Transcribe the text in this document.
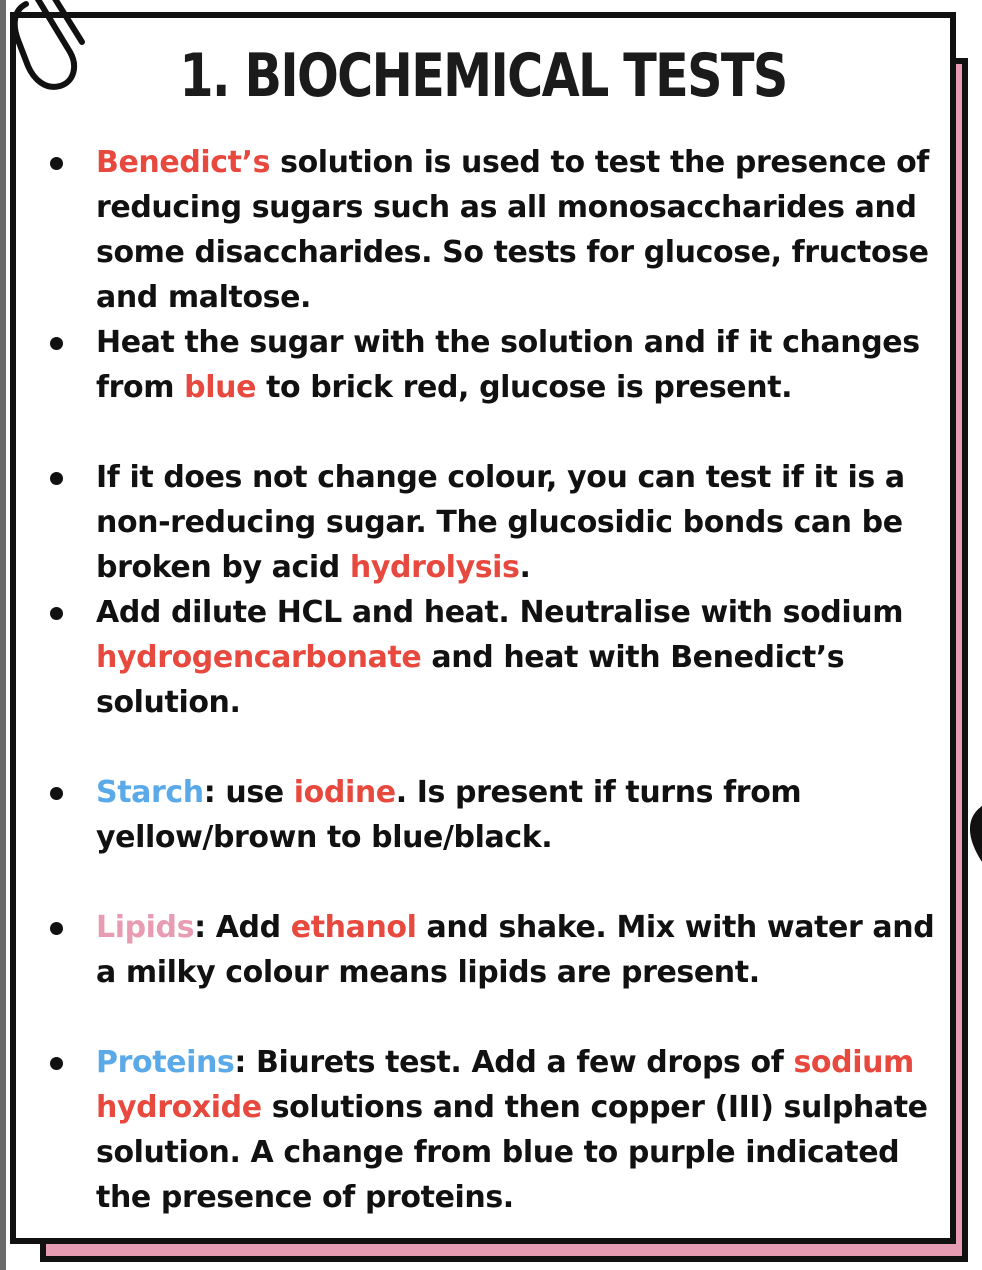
1. BIOCHEMICAL TESTS
Benedict’s solution is used to test the presence of reducing sugars such as all monosaccharides and some disaccharides. So tests for glucose, fructose and maltose.
Heat the sugar with the solution and if it changes from blue to brick red, glucose is present.
If it does not change colour, you can test if it is a non-reducing sugar. The glucosidic bonds can be broken by acid hydrolysis.
Add dilute HCL and heat. Neutralise with sodium hydrogencarbonate and heat with Benedict’s solution.
Starch: use iodine. Is present if turns from yellow/brown to blue/black.
Lipids: Add ethanol and shake. Mix with water and a milky colour means lipids are present.
Proteins: Biurets test. Add a few drops of sodium hydroxide solutions and then copper (III) sulphate solution. A change from blue to purple indicated the presence of proteins.
